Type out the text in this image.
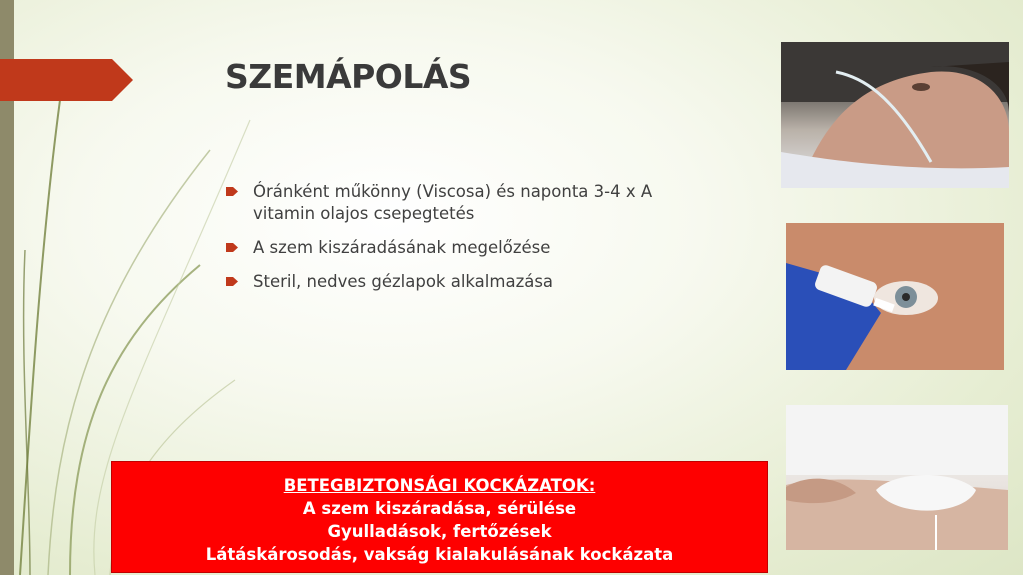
SZEMÁPOLÁS
Óránként műkönny (Viscosa) és naponta 3-4 x A vitamin olajos csepegtetés
A szem kiszáradásának megelőzése
Steril, nedves gézlapok alkalmazása
BETEGBIZTONSÁGI KOCKÁZATOK:
A szem kiszáradása, sérülése
Gyulladások, fertőzések
Látáskárosodás, vakság kialakulásának kockázata
